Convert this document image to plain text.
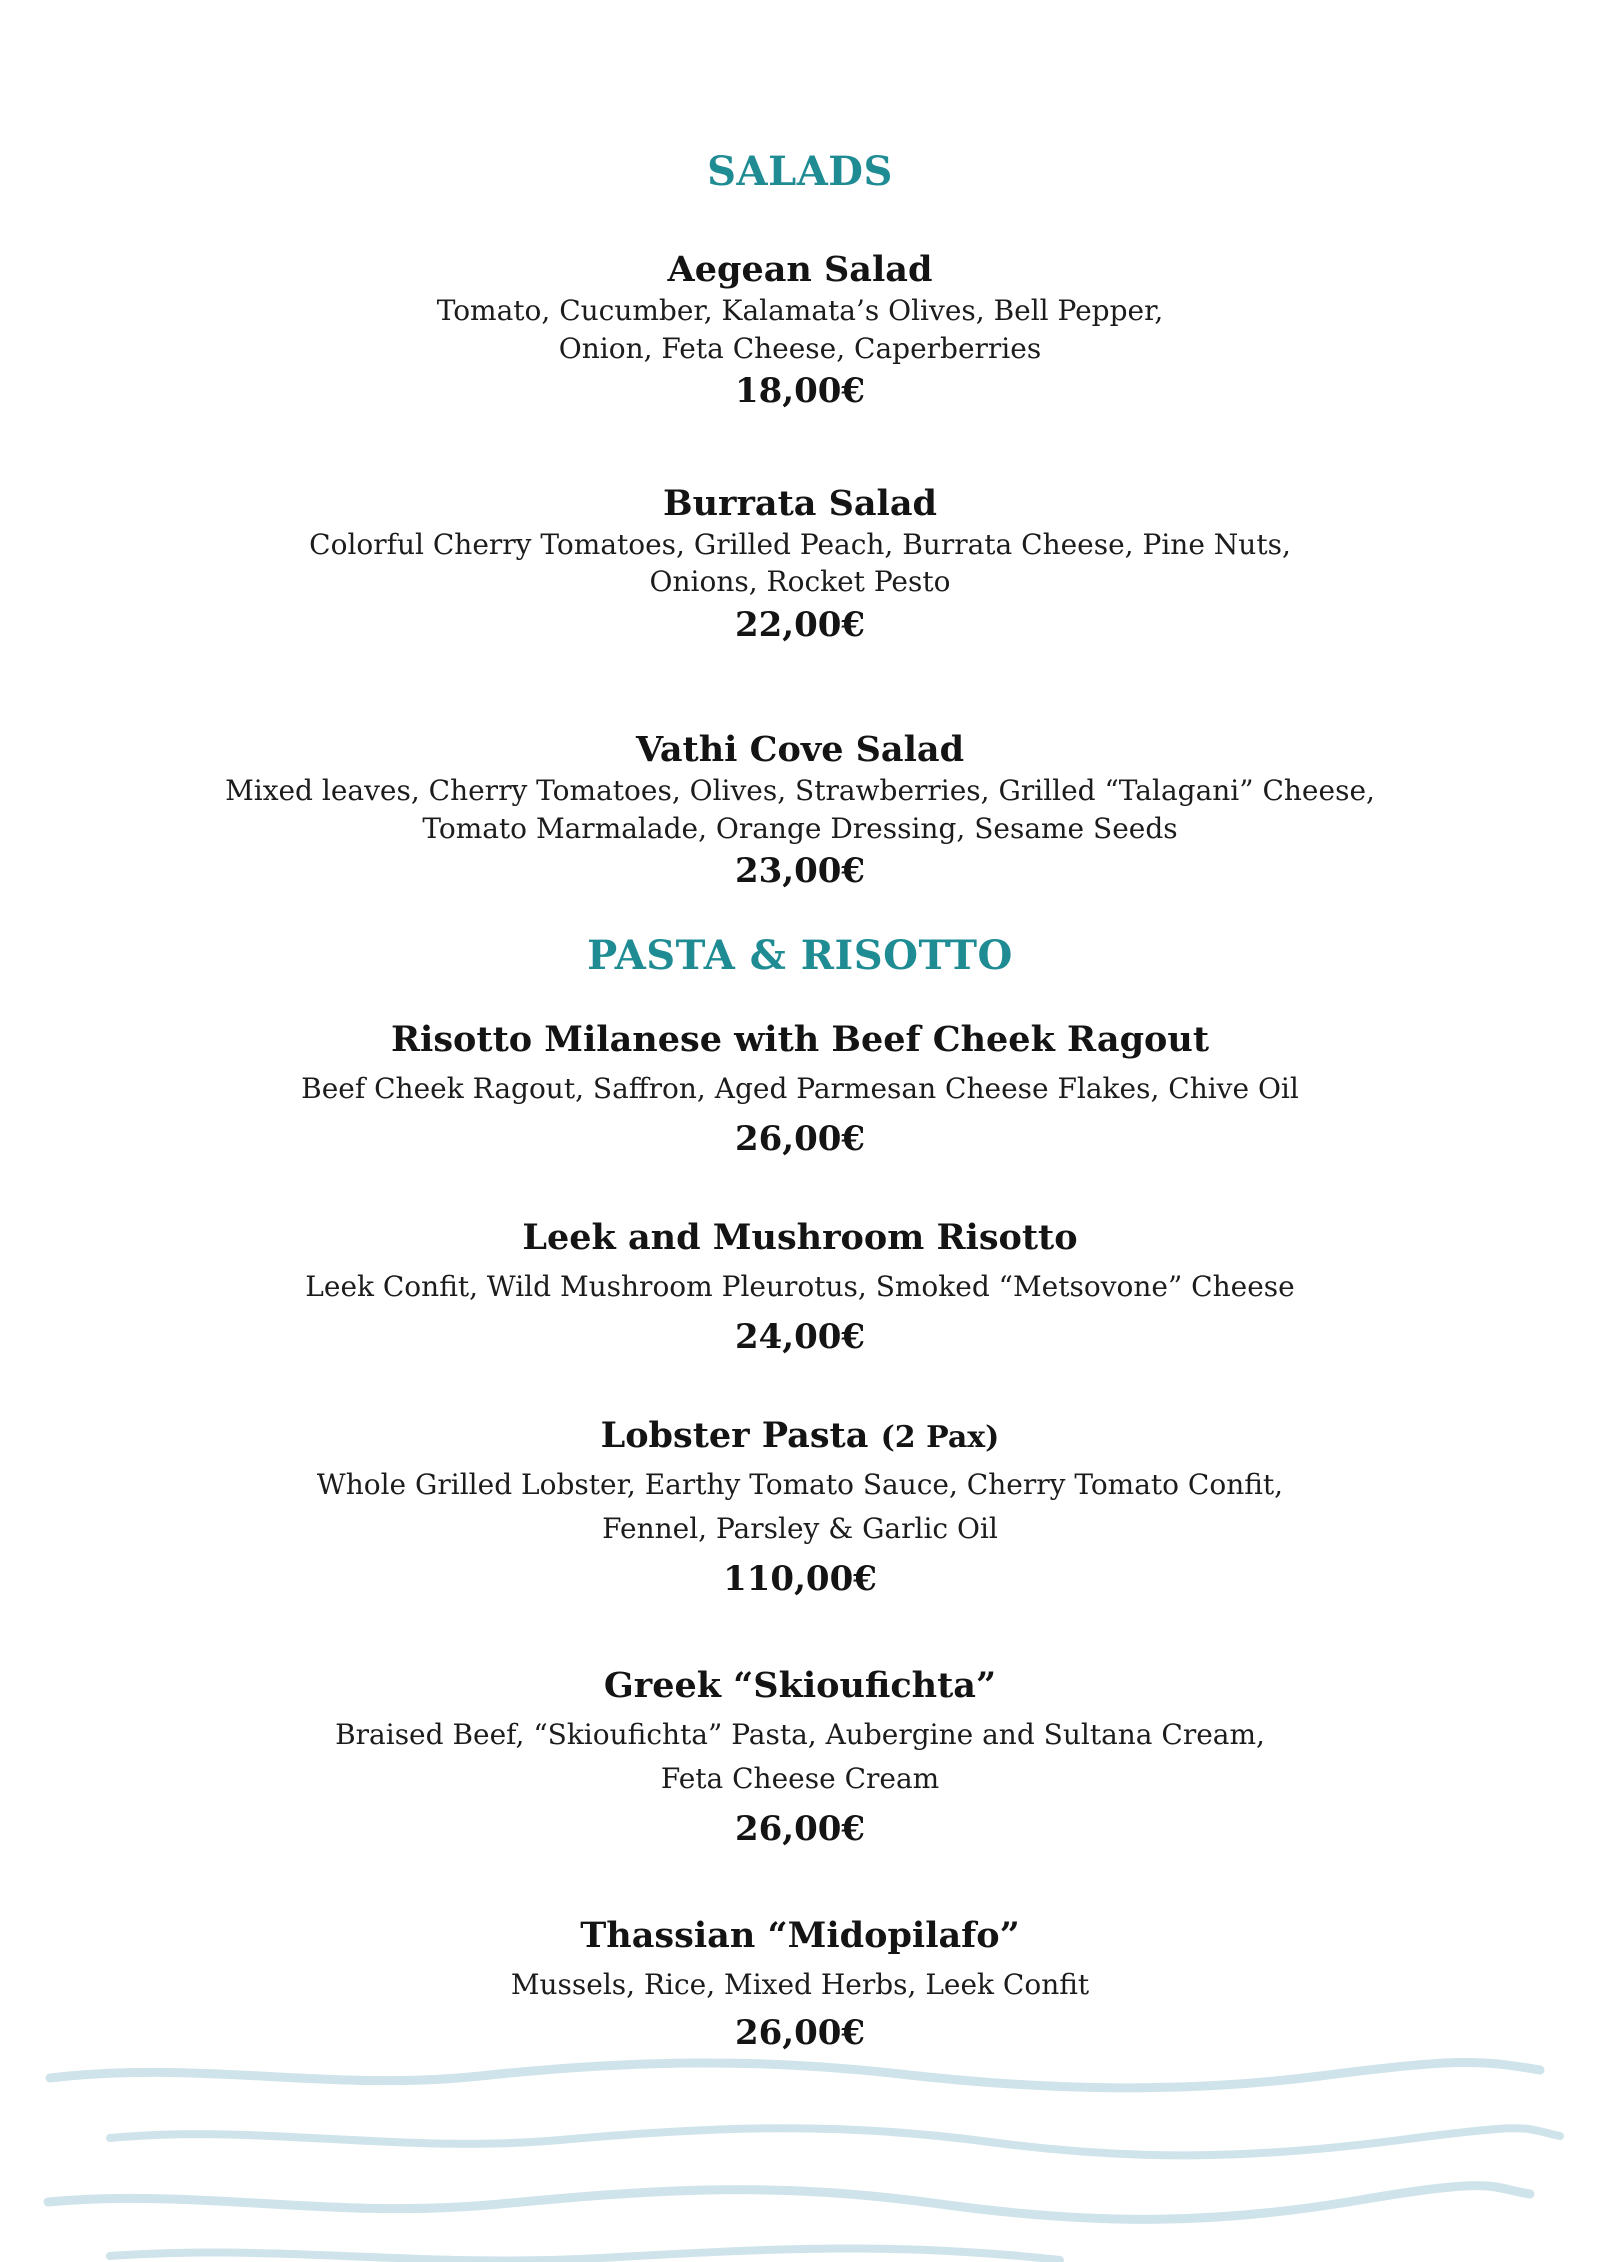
SALADS
Aegean Salad
Tomato, Cucumber, Kalamata’s Olives, Bell Pepper,
Onion, Feta Cheese, Caperberries
18,00€
Burrata Salad
Colorful Cherry Tomatoes, Grilled Peach, Burrata Cheese, Pine Nuts,
Onions, Rocket Pesto
22,00€
Vathi Cove Salad
Mixed leaves, Cherry Tomatoes, Olives, Strawberries, Grilled “Talagani” Cheese,
Tomato Marmalade, Orange Dressing, Sesame Seeds
23,00€
PASTA & RISOTTO
Risotto Milanese with Beef Cheek Ragout
Beef Cheek Ragout, Saffron, Aged Parmesan Cheese Flakes, Chive Oil
26,00€
Leek and Mushroom Risotto
Leek Confit, Wild Mushroom Pleurotus, Smoked “Metsovone” Cheese
24,00€
Lobster Pasta (2 Pax)
Whole Grilled Lobster, Earthy Tomato Sauce, Cherry Tomato Confit,
Fennel, Parsley & Garlic Oil
110,00€
Greek “Skioufichta”
Braised Beef, “Skioufichta” Pasta, Aubergine and Sultana Cream,
Feta Cheese Cream
26,00€
Thassian “Midopilafo”
Mussels, Rice, Mixed Herbs, Leek Confit
26,00€
